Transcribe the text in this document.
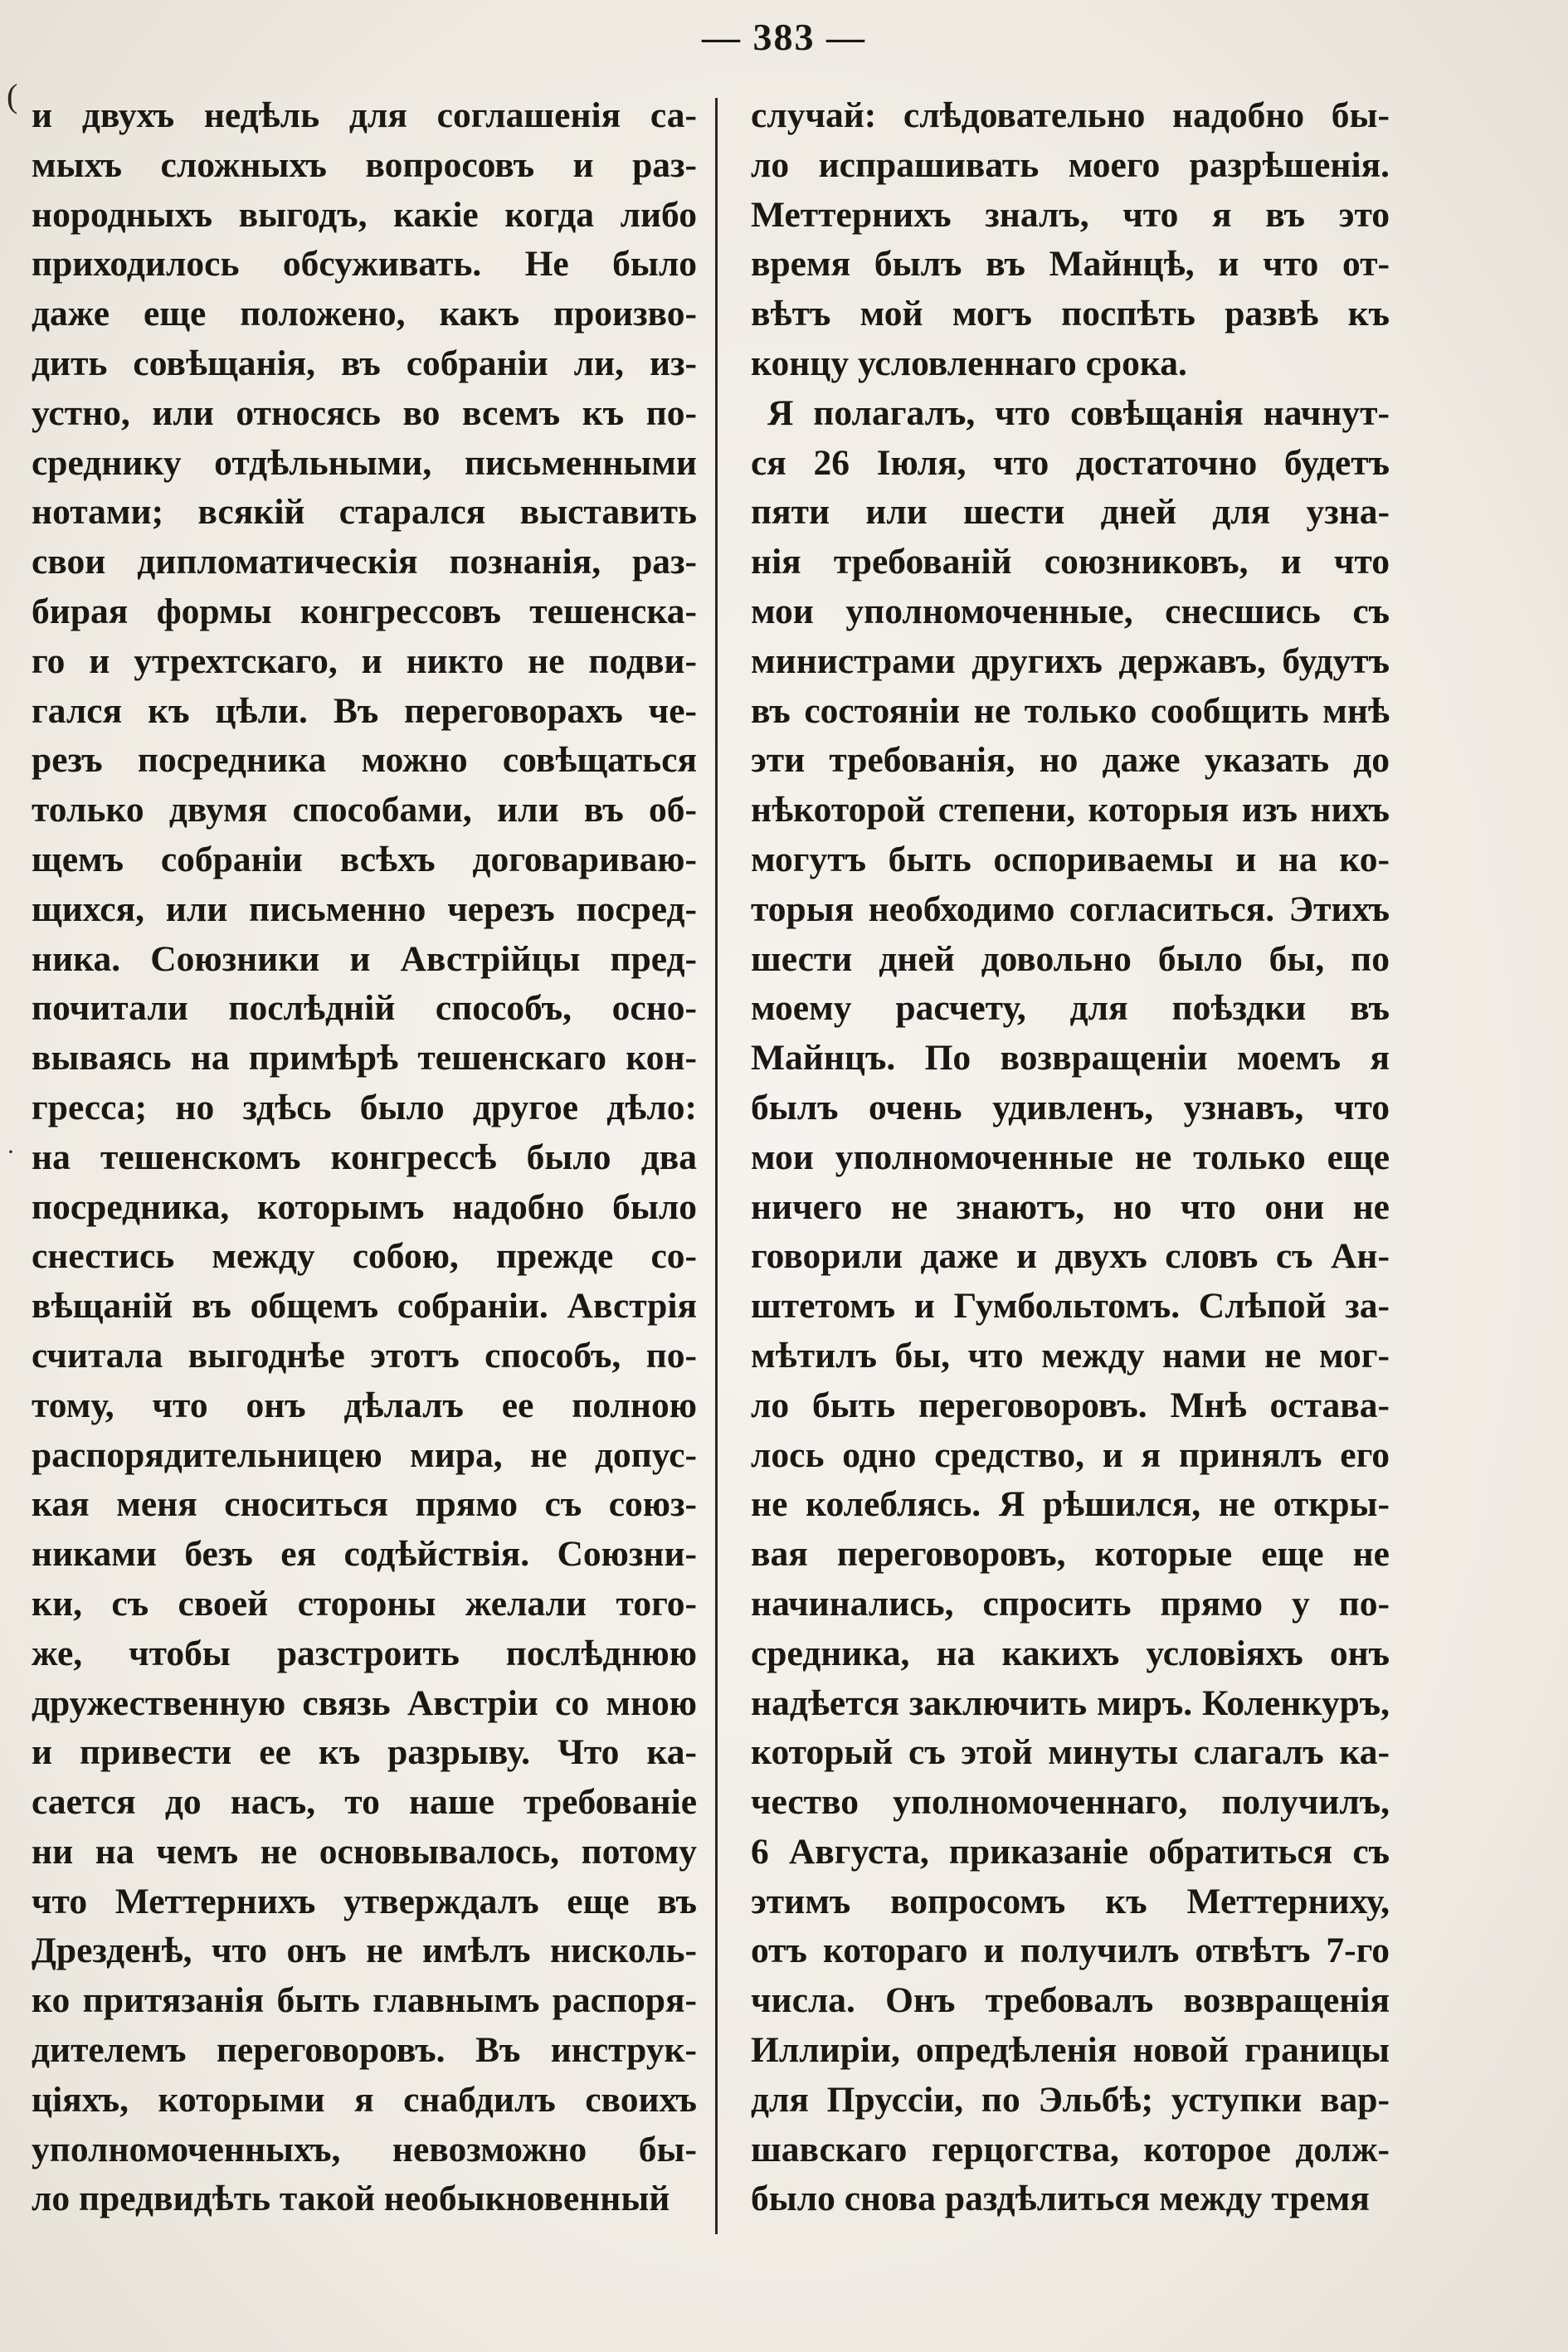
— 383 —
и двухъ недѣль для соглашенія са-
мыхъ сложныхъ вопросовъ и раз-
нородныхъ выгодъ, какіе когда либо
приходилось обсуживать. Не было
даже еще положено, какъ произво-
дить совѣщанія, въ собраніи ли, из-
устно, или относясь во всемъ къ по-
среднику отдѣльными, письменными
нотами; всякій старался выставить
свои дипломатическія познанія, раз-
бирая формы конгрессовъ тешенска-
го и утрехтскаго, и никто не подви-
гался къ цѣли. Въ переговорахъ че-
резъ посредника можно совѣщаться
только двумя способами, или въ об-
щемъ собраніи всѣхъ договаривaю-
щихся, или письменно черезъ посред-
ника. Союзники и Австрійцы пред-
почитали послѣдній способъ, осно-
вываясь на примѣрѣ тешенскаго кон-
гресса; но здѣсь было другое дѣло:
на тешенскомъ конгрессѣ было два
посредника, которымъ надобно было
снестись между собою, прежде со-
вѣщаній въ общемъ собраніи. Австрія
считала выгоднѣе этотъ способъ, по-
тому, что онъ дѣлалъ ее полною
распорядительницею мира, не допус-
кая меня сноситься прямо съ союз-
никами безъ ея содѣйствія. Союзни-
ки, съ своей стороны желали того-
же, чтобы разстроить послѣднюю
дружественную связь Австріи со мною
и привести ее къ разрыву. Что ка-
сается до насъ, то наше требованіе
ни на чемъ не основывалось, потому
что Меттернихъ утверждалъ еще въ
Дрезденѣ, что онъ не имѣлъ нисколь-
ко притязанія быть главнымъ распоря-
дителемъ переговоровъ. Въ инструк-
ціяхъ, которыми я снабдилъ своихъ
уполномоченныхъ, невозможно бы-
ло предвидѣть такой необыкновенный
случай: слѣдовательно надобно бы-
ло испрашивать моего разрѣшенія.
Меттернихъ зналъ, что я въ это
время былъ въ Майнцѣ, и что от-
вѣтъ мой могъ поспѣть развѣ къ
концу условленнаго срока.
Я полагалъ, что совѣщанія начнут-
ся 26 Іюля, что достаточно будетъ
пяти или шести дней для узна-
нія требованій союзниковъ, и что
мои уполномоченные, снесшись съ
министрами другихъ державъ, будутъ
въ состояніи не только сообщить мнѣ
эти требованія, но даже указать до
нѣкоторой степени, которыя изъ нихъ
могутъ быть оспориваемы и на ко-
торыя необходимо согласиться. Этихъ
шести дней довольно было бы, по
моему расчету, для поѣздки въ
Майнцъ. По возвращеніи моемъ я
былъ очень удивленъ, узнавъ, что
мои уполномоченные не только еще
ничего не знаютъ, но что они не
говорили даже и двухъ словъ съ Ан-
штетомъ и Гумбольтомъ. Слѣпой за-
мѣтилъ бы, что между нами не мог-
ло быть переговоровъ. Мнѣ остава-
лось одно средство, и я принялъ его
не колеблясь. Я рѣшился, не откры-
вая переговоровъ, которые еще не
начинались, спросить прямо у по-
средника, на какихъ условіяхъ онъ
надѣется заключить миръ. Коленкуръ,
который съ этой минуты слагалъ ка-
чество уполномоченнаго, получилъ,
6 Августа, приказаніе обратиться съ
этимъ вопросомъ къ Меттерниху,
отъ котораго и получилъ отвѣтъ 7-го
числа. Онъ требовалъ возвращенія
Иллиріи, опредѣленія новой границы
для Пруссіи, по Эльбѣ; уступки вар-
шавскаго герцогства, которое долж-
было снова раздѣлиться между тремя
(
·
